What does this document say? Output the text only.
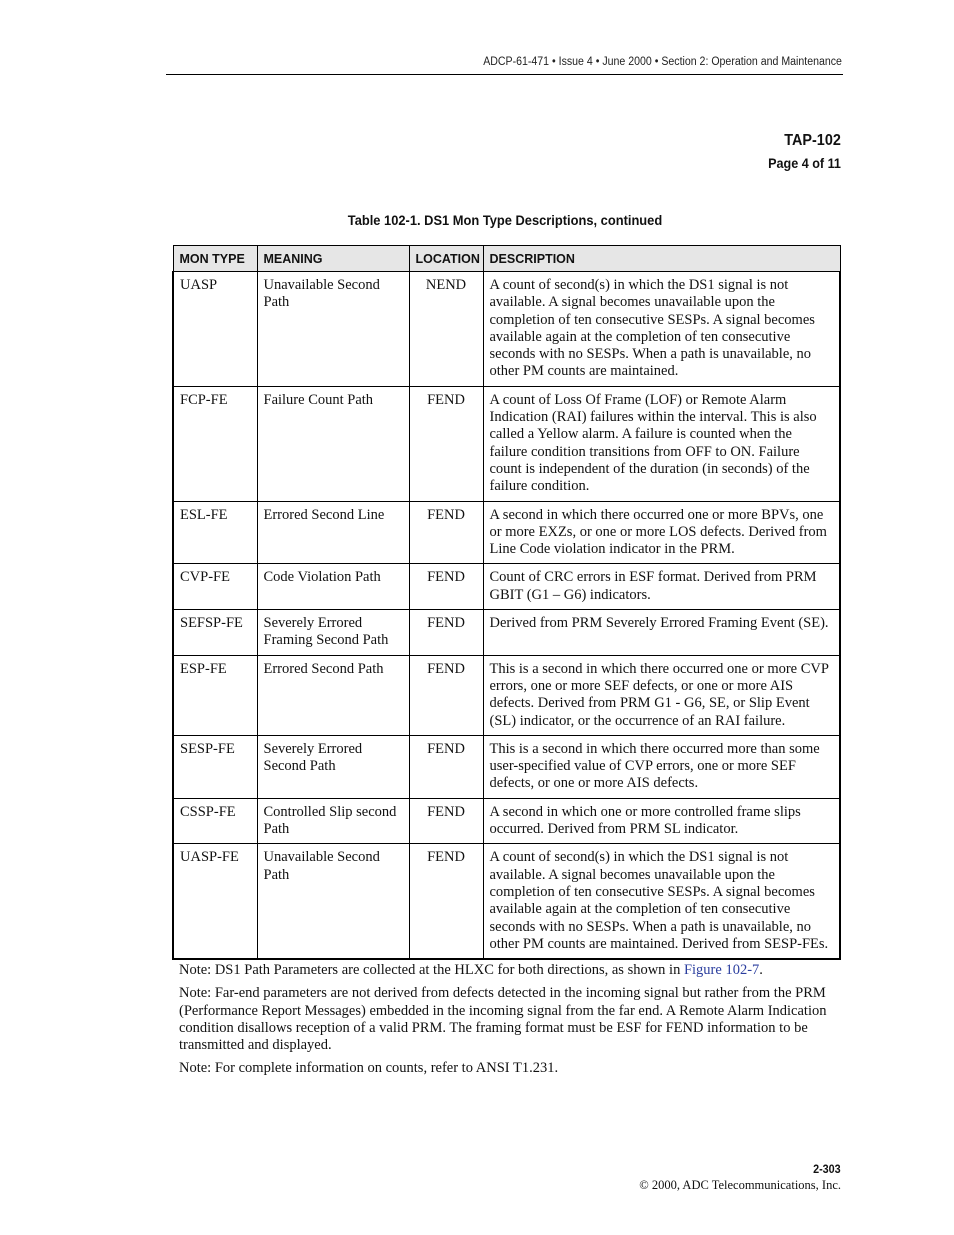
ADCP-61-471 • Issue 4 • June 2000 • Section 2: Operation and Maintenance
TAP-102
Page 4 of 11
Table 102-1. DS1 Mon Type Descriptions, continued
MON TYPE	MEANING	LOCATION	DESCRIPTION
UASP	Unavailable Second Path	NEND	A count of second(s) in which the DS1 signal is not available. A signal becomes unavailable upon the completion of ten consecutive SESPs. A signal becomes available again at the completion of ten consecutive seconds with no SESPs. When a path is unavailable, no other PM counts are maintained.
FCP-FE	Failure Count Path	FEND	A count of Loss Of Frame (LOF) or Remote Alarm Indication (RAI) failures within the interval. This is also called a Yellow alarm. A failure is counted when the failure condition transitions from OFF to ON. Failure count is independent of the duration (in seconds) of the failure condition.
ESL-FE	Errored Second Line	FEND	A second in which there occurred one or more BPVs, one or more EXZs, or one or more LOS defects. Derived from Line Code violation indicator in the PRM.
CVP-FE	Code Violation Path	FEND	Count of CRC errors in ESF format. Derived from PRM GBIT (G1 – G6) indicators.
SEFSP-FE	Severely Errored Framing Second Path	FEND	Derived from PRM Severely Errored Framing Event (SE).
ESP-FE	Errored Second Path	FEND	This is a second in which there occurred one or more CVP errors, one or more SEF defects, or one or more AIS defects. Derived from PRM G1 - G6, SE, or Slip Event (SL) indicator, or the occurrence of an RAI failure.
SESP-FE	Severely Errored Second Path	FEND	This is a second in which there occurred more than some user-specified value of CVP errors, one or more SEF defects, or one or more AIS defects.
CSSP-FE	Controlled Slip second Path	FEND	A second in which one or more controlled frame slips occurred. Derived from PRM SL indicator.
UASP-FE	Unavailable Second Path	FEND	A count of second(s) in which the DS1 signal is not available. A signal becomes unavailable upon the completion of ten consecutive SESPs. A signal becomes available again at the completion of ten consecutive seconds with no SESPs. When a path is unavailable, no other PM counts are maintained. Derived from SESP-FEs.

Note: DS1 Path Parameters are collected at the HLXC for both directions, as shown in Figure 102-7.

Note: Far-end parameters are not derived from defects detected in the incoming signal but rather from the PRM (Performance Report Messages) embedded in the incoming signal from the far end. A Remote Alarm Indication condition disallows reception of a valid PRM. The framing format must be ESF for FEND information to be transmitted and displayed.

Note: For complete information on counts, refer to ANSI T1.231.

2-303
© 2000, ADC Telecommunications, Inc.
